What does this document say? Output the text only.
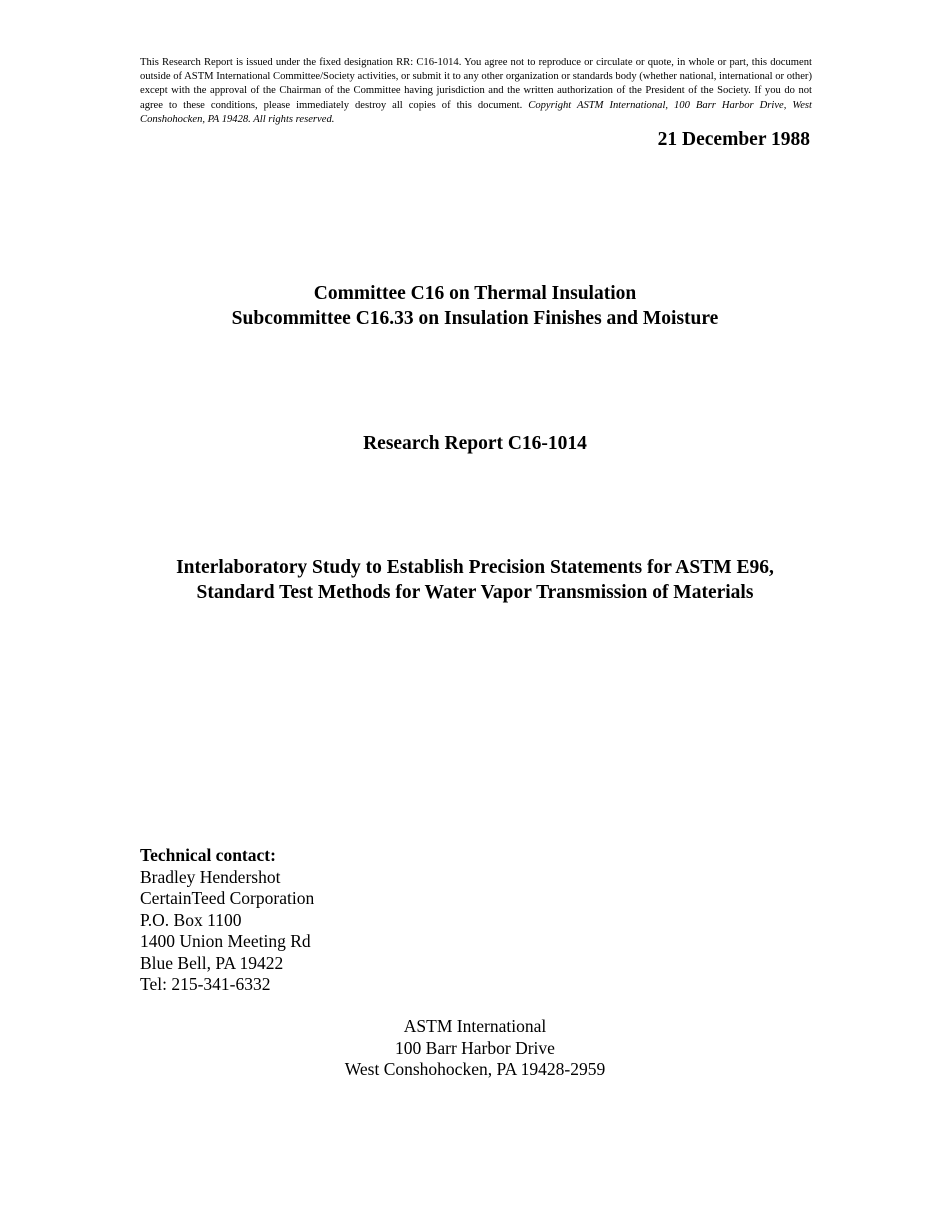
This Research Report is issued under the fixed designation RR: C16-1014. You agree not to reproduce or circulate or quote, in whole or part, this document outside of ASTM International Committee/Society activities, or submit it to any other organization or standards body (whether national, international or other) except with the approval of the Chairman of the Committee having jurisdiction and the written authorization of the President of the Society. If you do not agree to these conditions, please immediately destroy all copies of this document. Copyright ASTM International, 100 Barr Harbor Drive, West Conshohocken, PA 19428. All rights reserved.

21 December 1988
Committee C16 on Thermal Insulation
Subcommittee C16.33 on Insulation Finishes and Moisture
Research Report C16-1014
Interlaboratory Study to Establish Precision Statements for ASTM E96,
Standard Test Methods for Water Vapor Transmission of Materials
Technical contact:
Bradley Hendershot
CertainTeed Corporation
P.O. Box 1100
1400 Union Meeting Rd
Blue Bell, PA 19422
Tel: 215-341-6332
ASTM International
100 Barr Harbor Drive
West Conshohocken, PA 19428-2959
